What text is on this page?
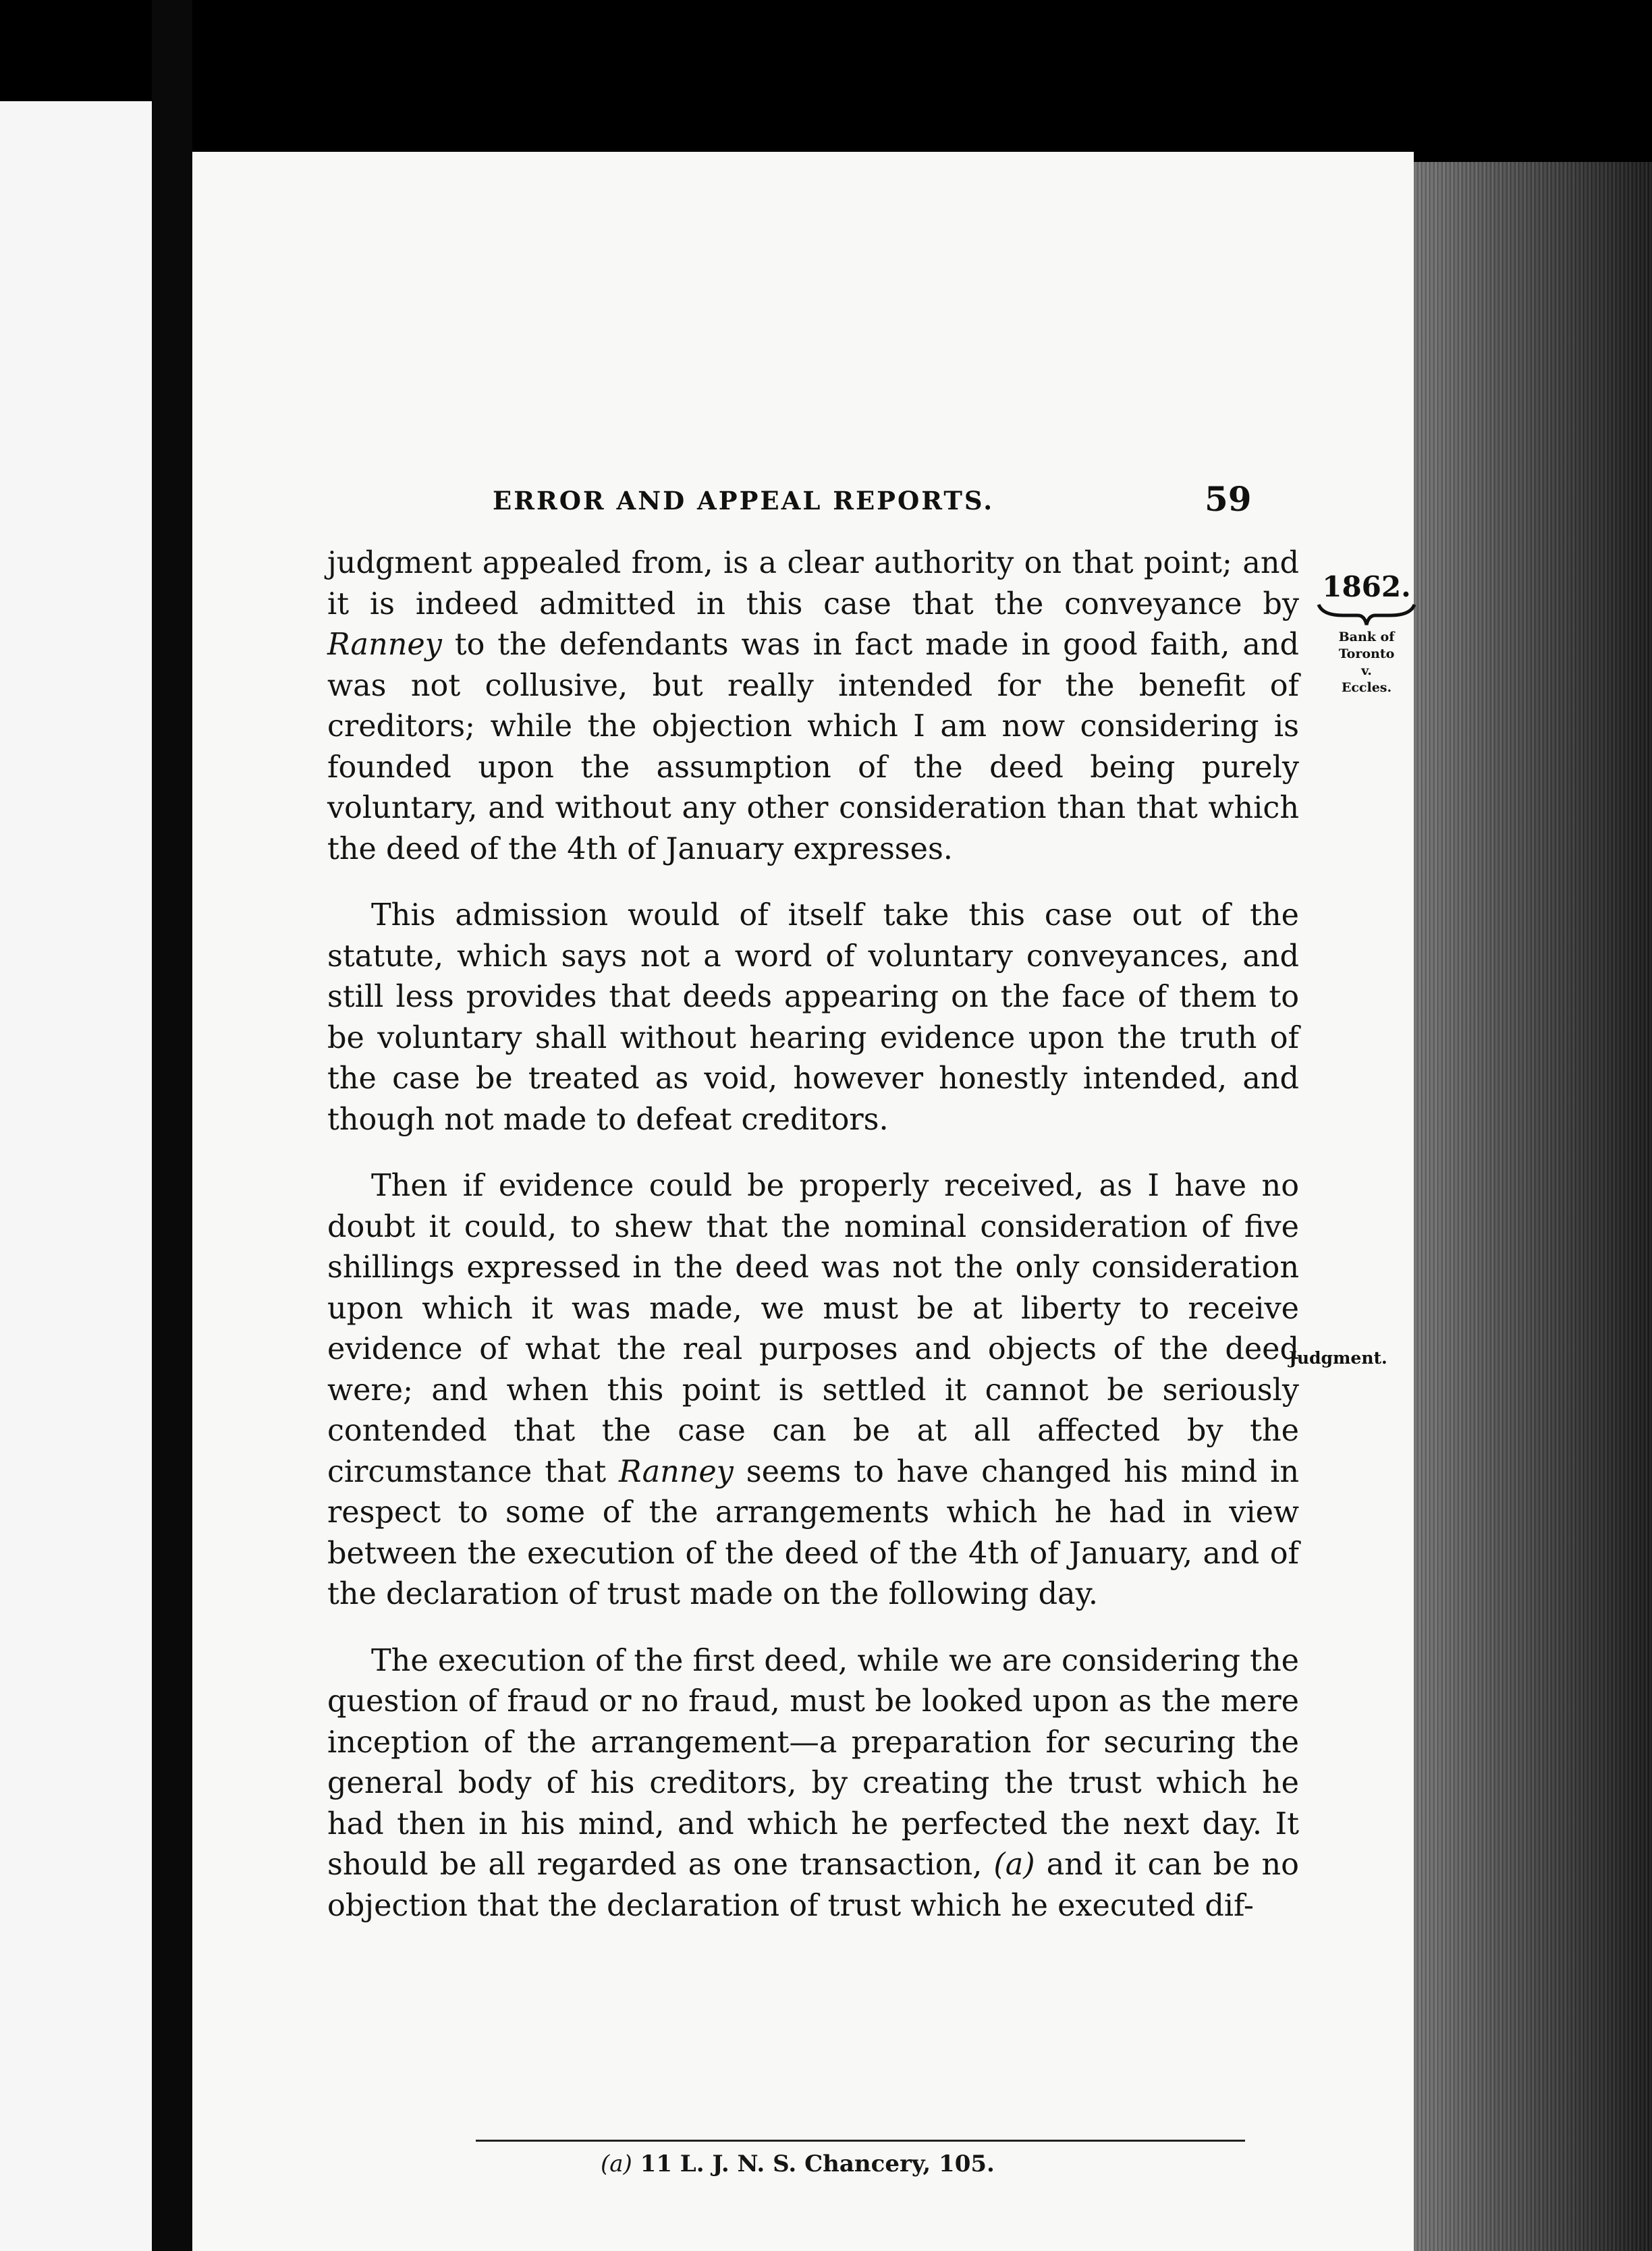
ERROR AND APPEAL REPORTS.	59
1862.
Bank of
Toronto
v.
Eccles.
Judgment.

judgment appealed from, is a clear authority on that point; and it is indeed admitted in this case that the conveyance by Ranney to the defendants was in fact made in good faith, and was not collusive, but really intended for the benefit of creditors; while the objection which I am now considering is founded upon the assumption of the deed being purely voluntary, and without any other consideration than that which the deed of the 4th of January expresses.

This admission would of itself take this case out of the statute, which says not a word of voluntary conveyances, and still less provides that deeds appearing on the face of them to be voluntary shall without hearing evidence upon the truth of the case be treated as void, however honestly intended, and though not made to defeat creditors.

Then if evidence could be properly received, as I have no doubt it could, to shew that the nominal consideration of five shillings expressed in the deed was not the only consideration upon which it was made, we must be at liberty to receive evidence of what the real purposes and objects of the deed were; and when this point is settled it cannot be seriously contended that the case can be at all affected by the circumstance that Ranney seems to have changed his mind in respect to some of the arrangements which he had in view between the execution of the deed of the 4th of January, and of the declaration of trust made on the following day.

The execution of the first deed, while we are considering the question of fraud or no fraud, must be looked upon as the mere inception of the arrangement—a preparation for securing the general body of his creditors, by creating the trust which he had then in his mind, and which he perfected the next day. It should be all regarded as one transaction, (a) and it can be no objection that the declaration of trust which he executed dif-

(a) 11 L. J. N. S. Chancery, 105.
